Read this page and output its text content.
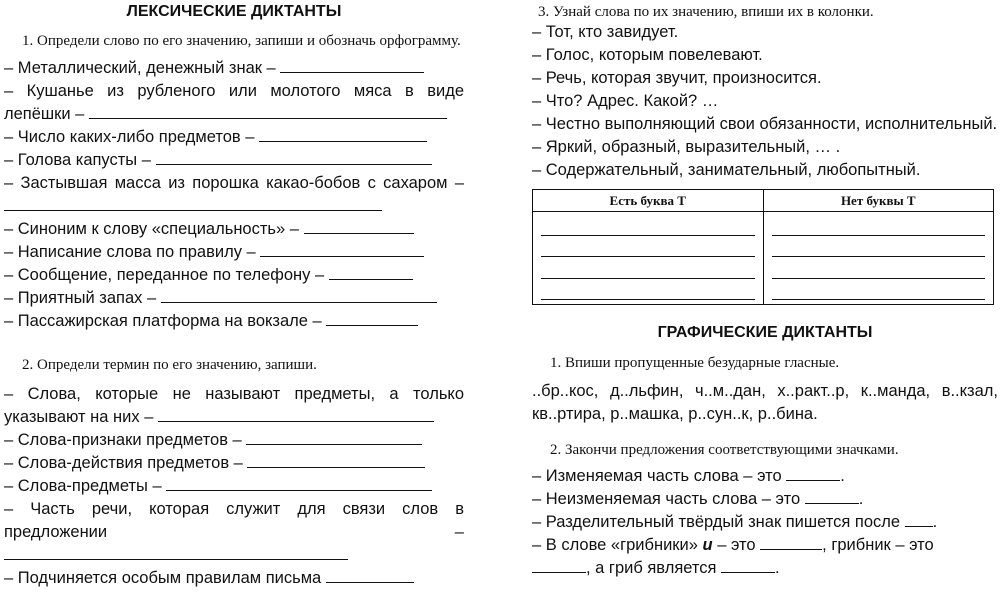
ЛЕКСИЧЕСКИЕ ДИКТАНТЫ

1. Определи слово по его значению, запиши и обозначь орфограмму.

– Металлический, денежный знак –

– Кушанье из рубленого или молотого мяса в виде лепёшки –

– Число каких-либо предметов –

– Голова капусты –

– Застывшая масса из порошка какао-бобов с сахаром –

– Синоним к слову «специальность» –

– Написание слова по правилу –

– Сообщение, переданное по телефону –

– Приятный запах –

– Пассажирская платформа на вокзале –

2. Определи термин по его значению, запиши.

– Слова, которые не называют предметы, а только указывают на них –

– Слова-признаки предметов –

– Слова-действия предметов –

– Слова-предметы –

– Часть речи, которая служит для связи слов в предложении –

– Подчиняется особым правилам письма

3. Узнай слова по их значению, впиши их в колонки.

– Тот, кто завидует.

– Голос, которым повелевают.

– Речь, которая звучит, произносится.

– Что? Адрес. Какой? …

– Честно выполняющий свои обязанности, исполнительный.

– Яркий, образный, выразительный, … .

– Содержательный, занимательный, любопытный.

Есть буква Т	Нет буквы Т

ГРАФИЧЕСКИЕ ДИКТАНТЫ

1. Впиши пропущенные безударные гласные.

..бр..кос, д..льфин, ч..м..дан, х..ракт..р, к..манда, в..кзал, кв..ртира, р..машка, р..сун..к, р..бина.

2. Закончи предложения соответствующими значками.

– Изменяемая часть слова – это	.

– Неизменяемая часть слова – это	.

– Разделительный твёрдый знак пишется после .

– В слове «грибники» и – это	, грибник – это

, а гриб является	.
